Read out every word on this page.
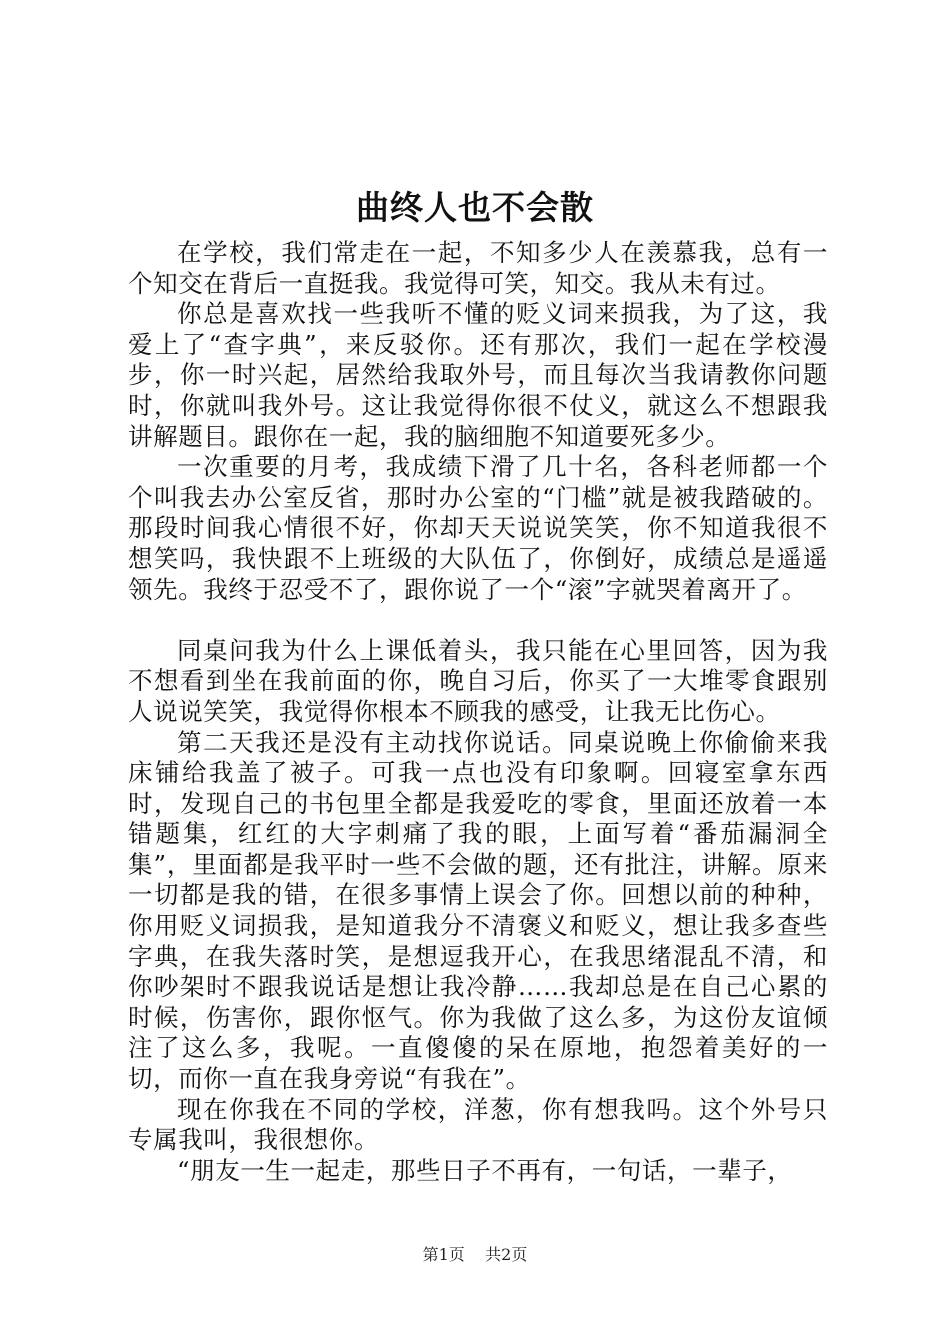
曲终人也不会散

在学校，我们常走在一起，不知多少人在羡慕我，总有一个知交在背后一直挺我。我觉得可笑，知交。我从未有过。

你总是喜欢找一些我听不懂的贬义词来损我，为了这，我爱上了“查字典”，来反驳你。还有那次，我们一起在学校漫步，你一时兴起，居然给我取外号，而且每次当我请教你问题时，你就叫我外号。这让我觉得你很不仗义，就这么不想跟我讲解题目。跟你在一起，我的脑细胞不知道要死多少。

一次重要的月考，我成绩下滑了几十名，各科老师都一个个叫我去办公室反省，那时办公室的“门槛”就是被我踏破的。那段时间我心情很不好，你却天天说说笑笑，你不知道我很不想笑吗，我快跟不上班级的大队伍了，你倒好，成绩总是遥遥领先。我终于忍受不了，跟你说了一个“滚”字就哭着离开了。

同桌问我为什么上课低着头，我只能在心里回答，因为我不想看到坐在我前面的你，晚自习后，你买了一大堆零食跟别人说说笑笑，我觉得你根本不顾我的感受，让我无比伤心。

第二天我还是没有主动找你说话。同桌说晚上你偷偷来我床铺给我盖了被子。可我一点也没有印象啊。回寝室拿东西时，发现自己的书包里全都是我爱吃的零食，里面还放着一本错题集，红红的大字刺痛了我的眼，上面写着“番茄漏洞全集”，里面都是我平时一些不会做的题，还有批注，讲解。原来一切都是我的错，在很多事情上误会了你。回想以前的种种，你用贬义词损我，是知道我分不清褒义和贬义，想让我多查些字典，在我失落时笑，是想逗我开心，在我思绪混乱不清，和你吵架时不跟我说话是想让我冷静……我却总是在自己心累的时候，伤害你，跟你怄气。你为我做了这么多，为这份友谊倾注了这么多，我呢。一直傻傻的呆在原地，抱怨着美好的一切，而你一直在我身旁说“有我在”。

现在你我在不同的学校，洋葱，你有想我吗。这个外号只专属我叫，我很想你。

“朋友一生一起走，那些日子不再有，一句话，一辈子，

第1页 共2页
